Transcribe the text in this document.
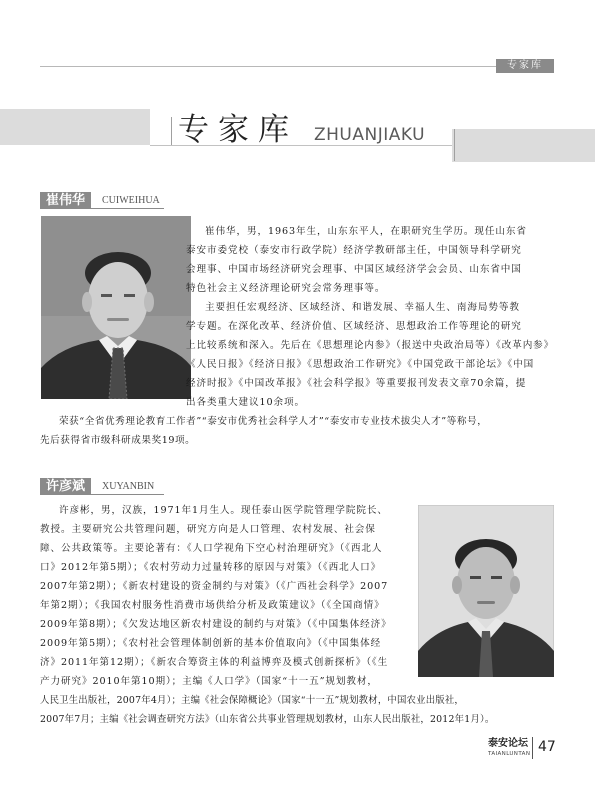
专家库
专家库 ZHUANJIAKU
崔伟华	CUIWEIHUA

崔伟华，男，1963年生，山东东平人，在职研究生学历。现任山东省
泰安市委党校（泰安市行政学院）经济学教研部主任，中国领导科学研究
会理事、中国市场经济研究会理事、中国区域经济学会会员、山东省中国
特色社会主义经济理论研究会常务理事等。
主要担任宏观经济、区域经济、和谐发展、幸福人生、南海局势等教
学专题。在深化改革、经济价值、区域经济、思想政治工作等理论的研究
上比较系统和深入。先后在《思想理论内参》（报送中央政治局等）《改革内参》
《人民日报》《经济日报》《思想政治工作研究》《中国党政干部论坛》《中国
经济时报》《中国改革报》《社会科学报》等重要报刊发表文章70余篇，提
出各类重大建议10余项。

荣获“全省优秀理论教育工作者”“泰安市优秀社会科学人才”“泰安市专业技术拔尖人才”等称号，
先后获得省市级科研成果奖19项。

许彦斌	XUYANBIN

许彦彬，男，汉族，1971年1月生人。现任泰山医学院管理学院院长、
教授。主要研究公共管理问题，研究方向是人口管理、农村发展、社会保
障、公共政策等。主要论著有：《人口学视角下空心村治理研究》（《西北人
口》2012年第5期）；《农村劳动力过量转移的原因与对策》（《西北人口》
2007年第2期）；《新农村建设的资金制约与对策》（《广西社会科学》2007
年第2期）；《我国农村服务性消费市场供给分析及政策建议》（《全国商情》
2009年第8期）；《欠发达地区新农村建设的制约与对策》（《中国集体经济》
2009年第5期）；《农村社会管理体制创新的基本价值取向》（《中国集体经
济》2011年第12期）；《新农合筹资主体的利益博弈及模式创新探析》（《生
产力研究》2010年第10期）；主编《人口学》（国家“十一五”规划教材，

人民卫生出版社，2007年4月）；主编《社会保障概论》（国家“十一五”规划教材，中国农业出版社，
2007年7月；主编《社会调查研究方法》（山东省公共事业管理规划教材，山东人民出版社，2012年1月）。

泰安论坛
TAIANLUNTAN 47
